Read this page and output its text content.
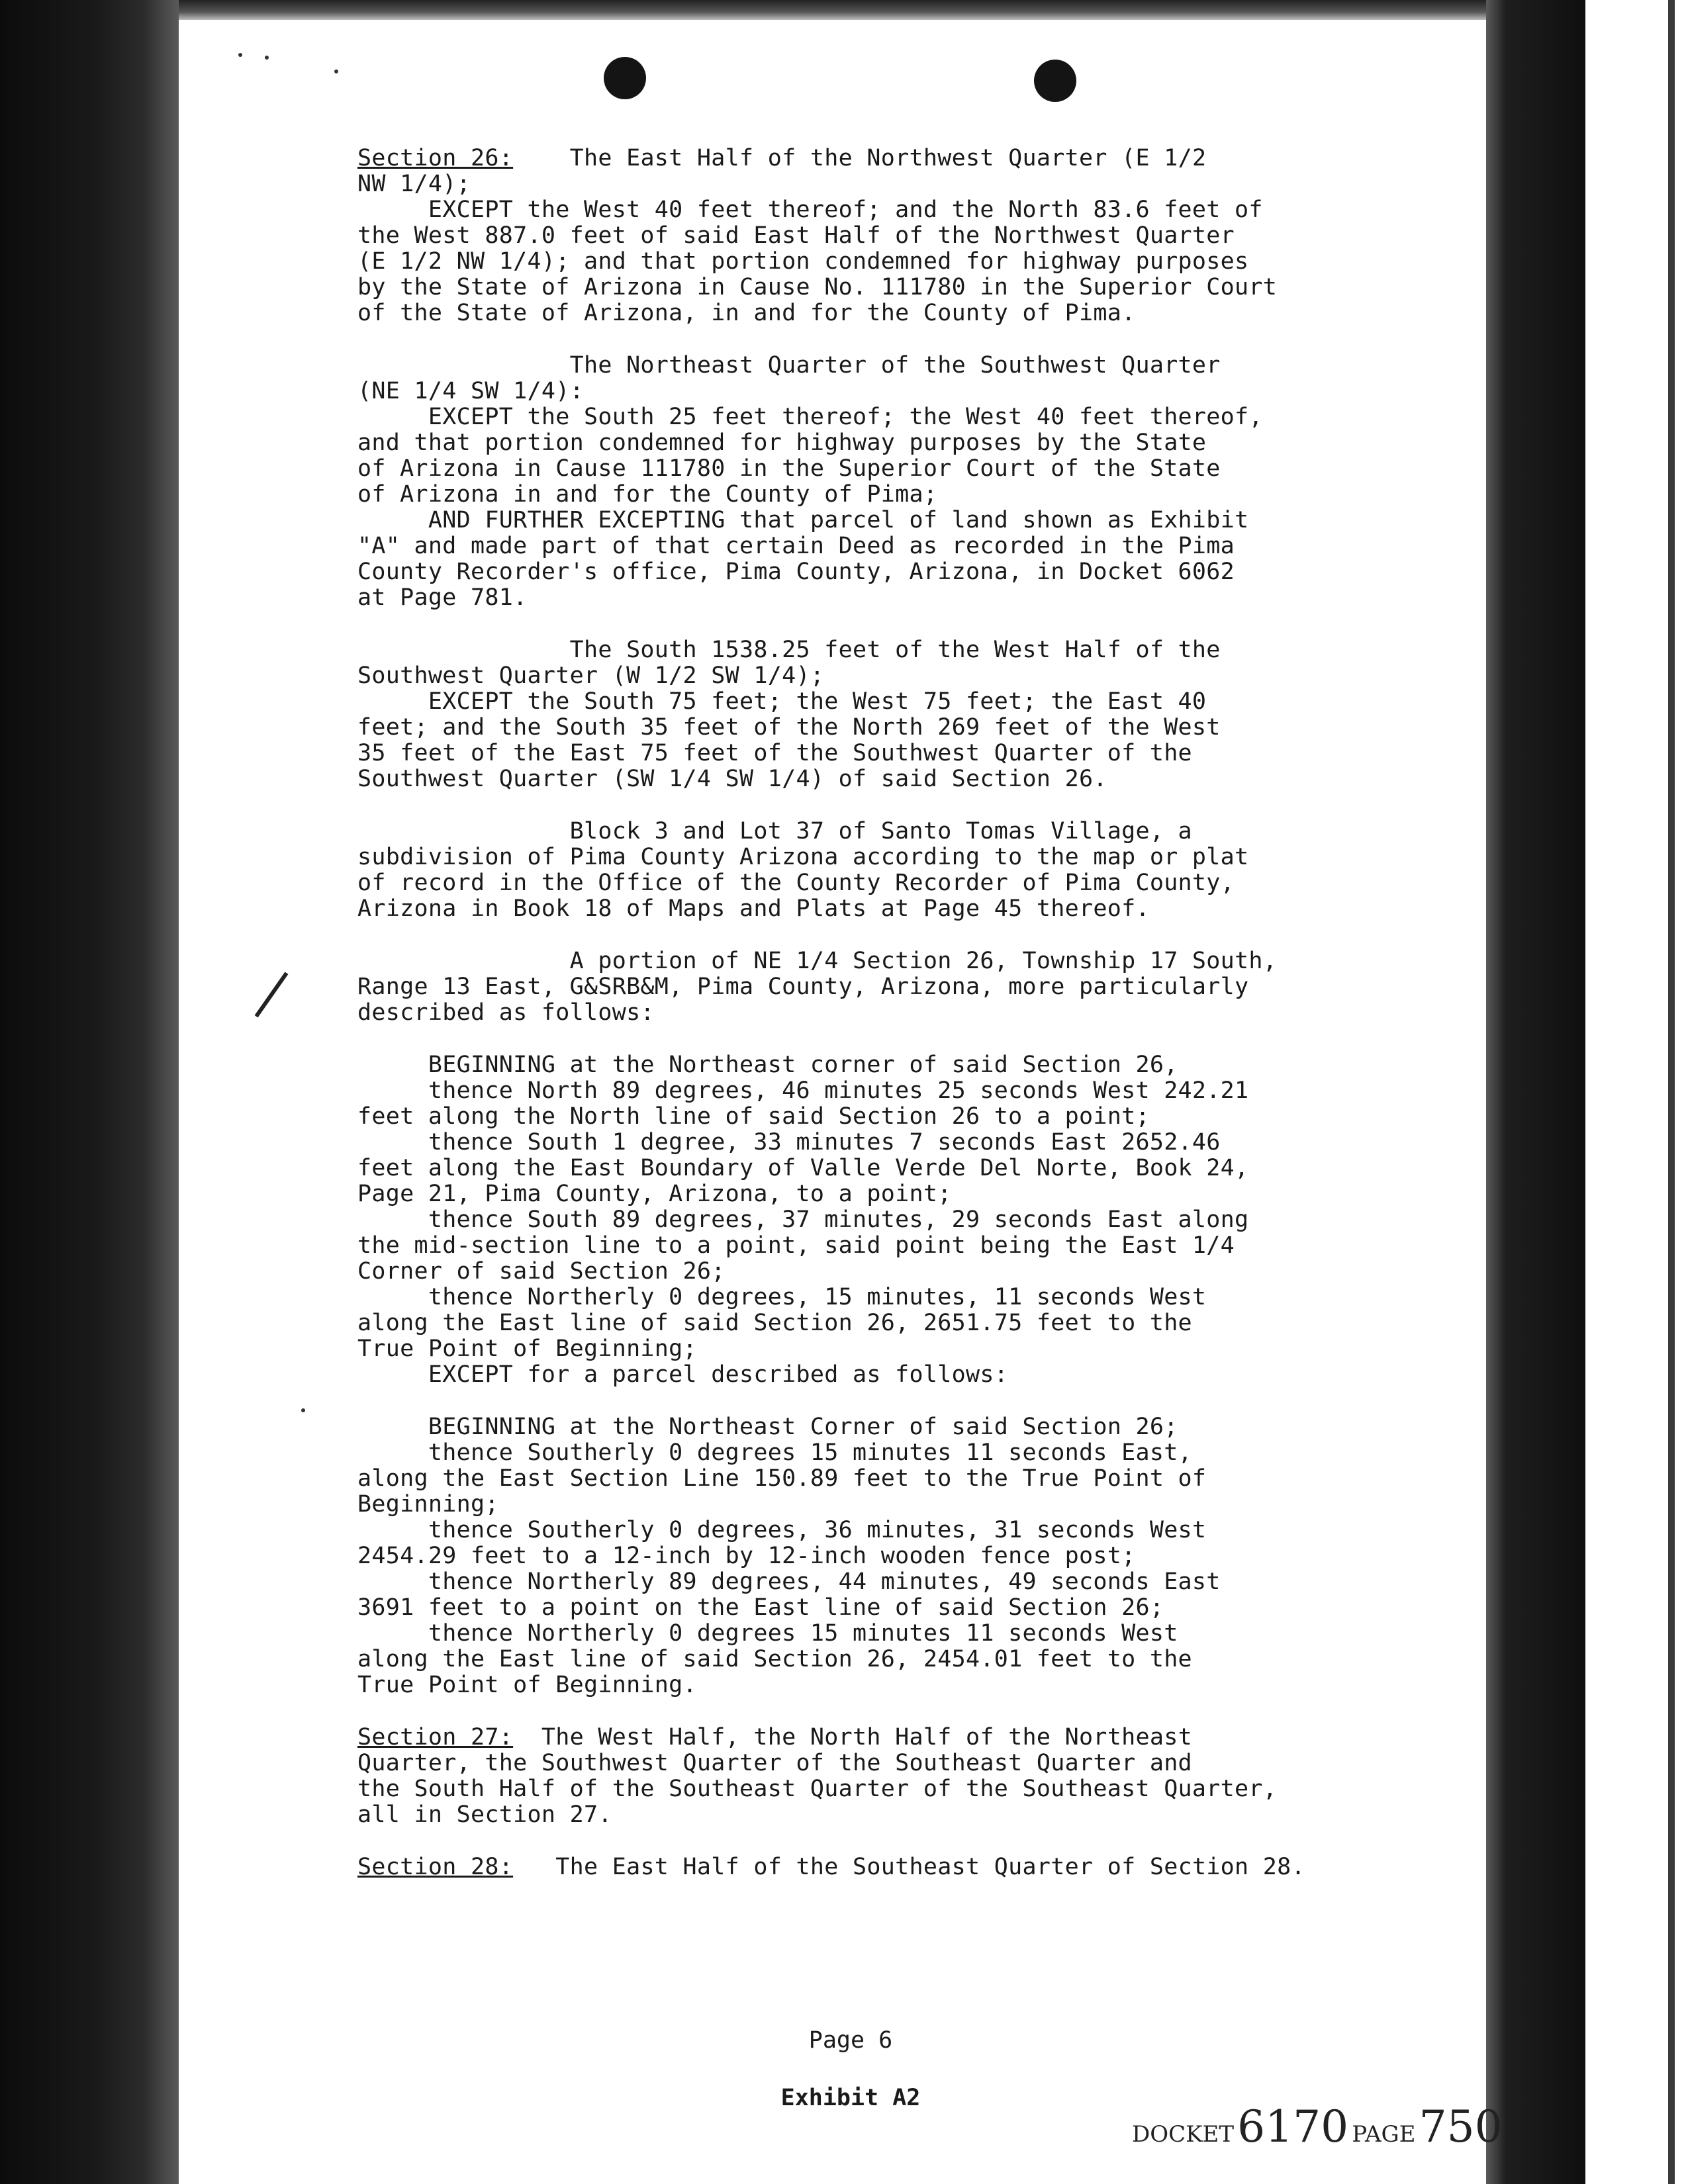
Section 26:    The East Half of the Northwest Quarter (E 1/2
NW 1/4);
EXCEPT the West 40 feet thereof; and the North 83.6 feet of
the West 887.0 feet of said East Half of the Northwest Quarter
(E 1/2 NW 1/4); and that portion condemned for highway purposes
by the State of Arizona in Cause No. 111780 in the Superior Court
of the State of Arizona, in and for the County of Pima.
The Northeast Quarter of the Southwest Quarter
(NE 1/4 SW 1/4):
EXCEPT the South 25 feet thereof; the West 40 feet thereof,
and that portion condemned for highway purposes by the State
of Arizona in Cause 111780 in the Superior Court of the State
of Arizona in and for the County of Pima;
AND FURTHER EXCEPTING that parcel of land shown as Exhibit
"A" and made part of that certain Deed as recorded in the Pima
County Recorder's office, Pima County, Arizona, in Docket 6062
at Page 781.
The South 1538.25 feet of the West Half of the
Southwest Quarter (W 1/2 SW 1/4);
EXCEPT the South 75 feet; the West 75 feet; the East 40
feet; and the South 35 feet of the North 269 feet of the West
35 feet of the East 75 feet of the Southwest Quarter of the
Southwest Quarter (SW 1/4 SW 1/4) of said Section 26.
Block 3 and Lot 37 of Santo Tomas Village, a
subdivision of Pima County Arizona according to the map or plat
of record in the Office of the County Recorder of Pima County,
Arizona in Book 18 of Maps and Plats at Page 45 thereof.
A portion of NE 1/4 Section 26, Township 17 South,
Range 13 East, G&SRB&M, Pima County, Arizona, more particularly
described as follows:
BEGINNING at the Northeast corner of said Section 26,
thence North 89 degrees, 46 minutes 25 seconds West 242.21
feet along the North line of said Section 26 to a point;
thence South 1 degree, 33 minutes 7 seconds East 2652.46
feet along the East Boundary of Valle Verde Del Norte, Book 24,
Page 21, Pima County, Arizona, to a point;
thence South 89 degrees, 37 minutes, 29 seconds East along
the mid-section line to a point, said point being the East 1/4
Corner of said Section 26;
thence Northerly 0 degrees, 15 minutes, 11 seconds West
along the East line of said Section 26, 2651.75 feet to the
True Point of Beginning;
EXCEPT for a parcel described as follows:
BEGINNING at the Northeast Corner of said Section 26;
thence Southerly 0 degrees 15 minutes 11 seconds East,
along the East Section Line 150.89 feet to the True Point of
Beginning;
thence Southerly 0 degrees, 36 minutes, 31 seconds West
2454.29 feet to a 12-inch by 12-inch wooden fence post;
thence Northerly 89 degrees, 44 minutes, 49 seconds East
3691 feet to a point on the East line of said Section 26;
thence Northerly 0 degrees 15 minutes 11 seconds West
along the East line of said Section 26, 2454.01 feet to the
True Point of Beginning.
Section 27:  The West Half, the North Half of the Northeast
Quarter, the Southwest Quarter of the Southeast Quarter and
the South Half of the Southeast Quarter of the Southeast Quarter,
all in Section 27.
Section 28:   The East Half of the Southeast Quarter of Section 28.
Page 6
Exhibit A2
DOCKET 6170 PAGE 750
